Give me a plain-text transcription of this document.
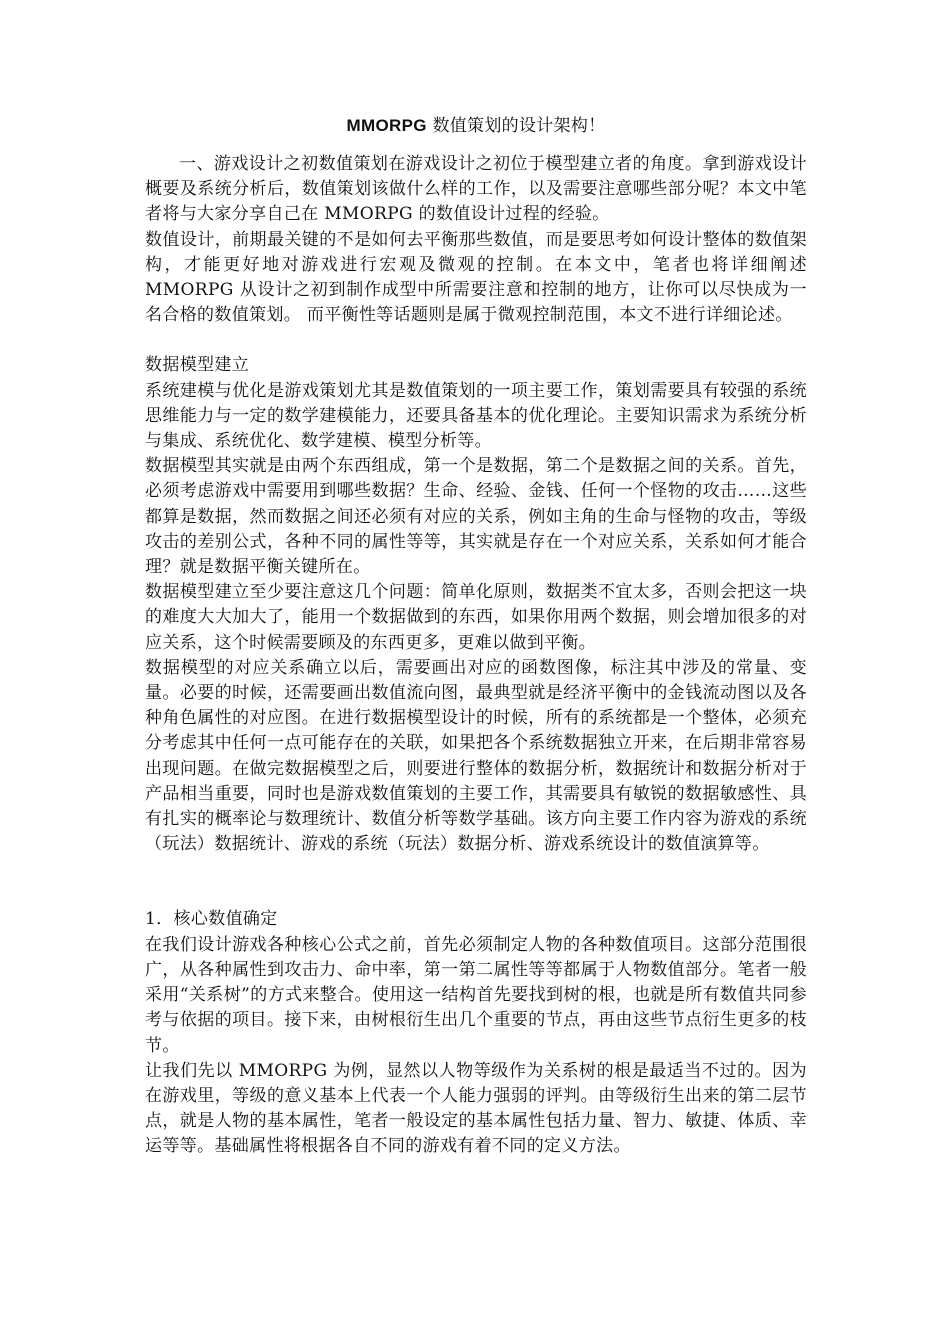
MMORPG 数值策划的设计架构！

一、游戏设计之初数值策划在游戏设计之初位于模型建立者的角度。拿到游戏设计概要及系统分析后，数值策划该做什么样的工作，以及需要注意哪些部分呢？本文中笔者将与大家分享自己在 MMORPG 的数值设计过程的经验。

数值设计，前期最关键的不是如何去平衡那些数值，而是要思考如何设计整体的数值架构，才能更好地对游戏进行宏观及微观的控制。在本文中，笔者也将详细阐述 MMORPG 从设计之初到制作成型中所需要注意和控制的地方，让你可以尽快成为一名合格的数值策划。 而平衡性等话题则是属于微观控制范围，本文不进行详细论述。

数据模型建立

系统建模与优化是游戏策划尤其是数值策划的一项主要工作，策划需要具有较强的系统思维能力与一定的数学建模能力，还要具备基本的优化理论。主要知识需求为系统分析与集成、系统优化、数学建模、模型分析等。

数据模型其实就是由两个东西组成，第一个是数据，第二个是数据之间的关系。首先，必须考虑游戏中需要用到哪些数据？生命、经验、金钱、任何一个怪物的攻击……这些都算是数据，然而数据之间还必须有对应的关系，例如主角的生命与怪物的攻击，等级攻击的差别公式，各种不同的属性等等，其实就是存在一个对应关系，关系如何才能合理？就是数据平衡关键所在。

数据模型建立至少要注意这几个问题：简单化原则，数据类不宜太多，否则会把这一块的难度大大加大了，能用一个数据做到的东西，如果你用两个数据，则会增加很多的对应关系，这个时候需要顾及的东西更多，更难以做到平衡。

数据模型的对应关系确立以后，需要画出对应的函数图像，标注其中涉及的常量、变量。必要的时候，还需要画出数值流向图，最典型就是经济平衡中的金钱流动图以及各种角色属性的对应图。在进行数据模型设计的时候，所有的系统都是一个整体，必须充分考虑其中任何一点可能存在的关联，如果把各个系统数据独立开来，在后期非常容易出现问题。在做完数据模型之后，则要进行整体的数据分析，数据统计和数据分析对于产品相当重要，同时也是游戏数值策划的主要工作，其需要具有敏锐的数据敏感性、具有扎实的概率论与数理统计、数值分析等数学基础。该方向主要工作内容为游戏的系统（玩法）数据统计、游戏的系统（玩法）数据分析、游戏系统设计的数值演算等。

1．核心数值确定

在我们设计游戏各种核心公式之前，首先必须制定人物的各种数值项目。这部分范围很广，从各种属性到攻击力、命中率，第一第二属性等等都属于人物数值部分。笔者一般采用“关系树”的方式来整合。使用这一结构首先要找到树的根，也就是所有数值共同参考与依据的项目。接下来，由树根衍生出几个重要的节点，再由这些节点衍生更多的枝节。

让我们先以 MMORPG 为例，显然以人物等级作为关系树的根是最适当不过的。因为在游戏里，等级的意义基本上代表一个人能力强弱的评判。由等级衍生出来的第二层节点，就是人物的基本属性，笔者一般设定的基本属性包括力量、智力、敏捷、体质、幸运等等。基础属性将根据各自不同的游戏有着不同的定义方法。
